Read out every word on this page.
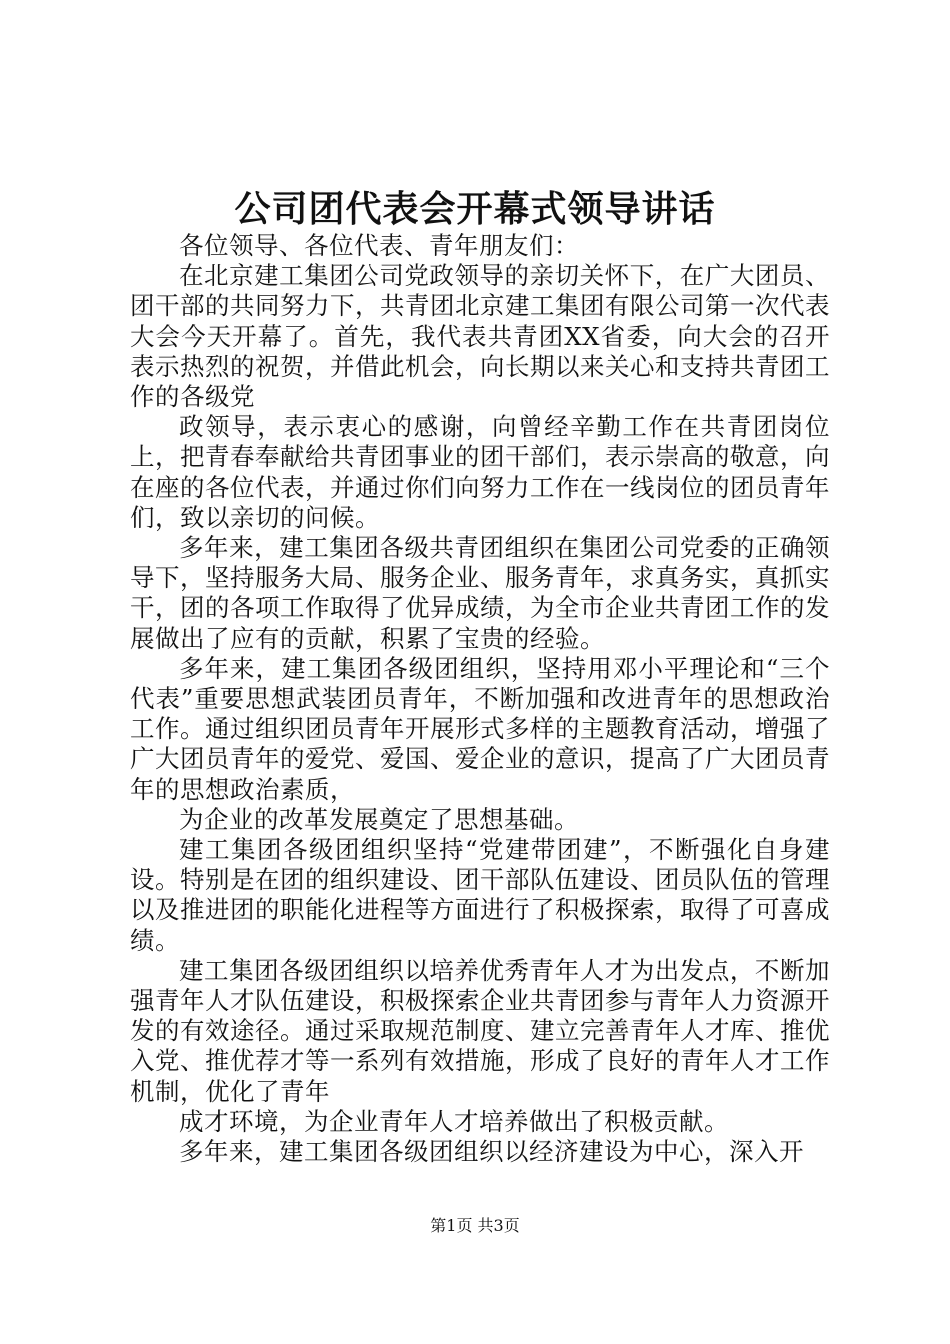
公司团代表会开幕式领导讲话

各位领导、各位代表、青年朋友们：

在北京建工集团公司党政领导的亲切关怀下，在广大团员、团干部的共同努力下，共青团北京建工集团有限公司第一次代表大会今天开幕了。首先，我代表共青团XX省委，向大会的召开表示热烈的祝贺，并借此机会，向长期以来关心和支持共青团工作的各级党

政领导，表示衷心的感谢，向曾经辛勤工作在共青团岗位上，把青春奉献给共青团事业的团干部们，表示崇高的敬意，向在座的各位代表，并通过你们向努力工作在一线岗位的团员青年们，致以亲切的问候。

多年来，建工集团各级共青团组织在集团公司党委的正确领导下，坚持服务大局、服务企业、服务青年，求真务实，真抓实干，团的各项工作取得了优异成绩，为全市企业共青团工作的发展做出了应有的贡献，积累了宝贵的经验。

多年来，建工集团各级团组织，坚持用邓小平理论和“三个代表”重要思想武装团员青年，不断加强和改进青年的思想政治工作。通过组织团员青年开展形式多样的主题教育活动，增强了广大团员青年的爱党、爱国、爱企业的意识，提高了广大团员青年的思想政治素质，

为企业的改革发展奠定了思想基础。

建工集团各级团组织坚持“党建带团建”，不断强化自身建设。特别是在团的组织建设、团干部队伍建设、团员队伍的管理以及推进团的职能化进程等方面进行了积极探索，取得了可喜成绩。

建工集团各级团组织以培养优秀青年人才为出发点，不断加强青年人才队伍建设，积极探索企业共青团参与青年人力资源开发的有效途径。通过采取规范制度、建立完善青年人才库、推优入党、推优荐才等一系列有效措施，形成了良好的青年人才工作机制，优化了青年

成才环境，为企业青年人才培养做出了积极贡献。

多年来，建工集团各级团组织以经济建设为中心，深入开

第1页 共3页
